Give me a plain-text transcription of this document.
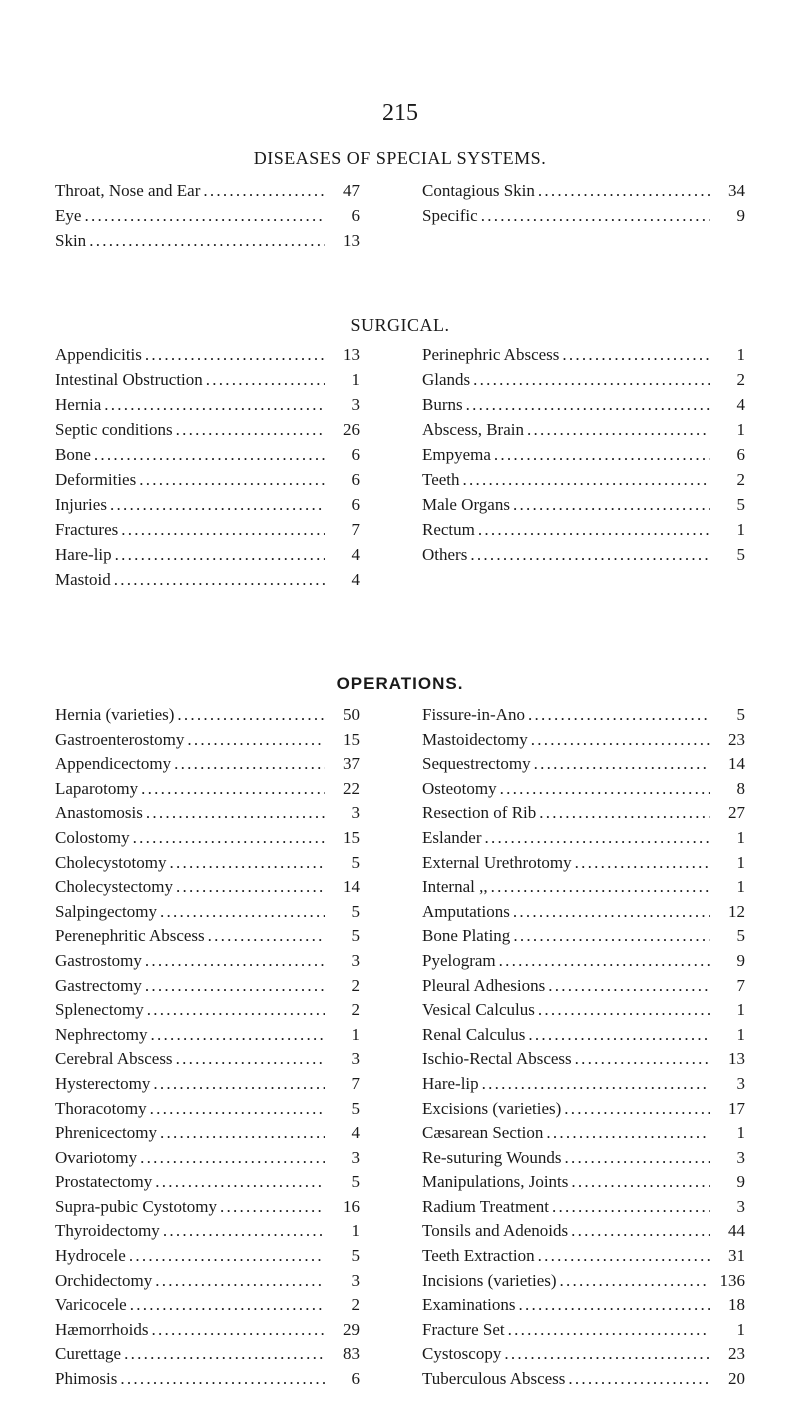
215
DISEASES OF SPECIAL SYSTEMS.
Throat, Nose and Ear . . .	47
Eye . . .	6
Skin . . .	13
Contagious Skin . . .	34
Specific . . .	9
SURGICAL.
Appendicitis . . .	13
Intestinal Obstruction . . .	1
Hernia . . .	3
Septic conditions . . .	26
Bone . . .	6
Deformities . . .	6
Injuries . . .	6
Fractures . . .	7
Hare-lip . . .	4
Mastoid . . .	4
Perinephric Abscess . . .	1
Glands . . .	2
Burns . . .	4
Abscess, Brain . . .	1
Empyema . . .	6
Teeth . . .	2
Male Organs . . .	5
Rectum . . .	1
Others . . .	5
OPERATIONS.
Hernia (varieties) . . .	50
Gastroenterostomy . . .	15
Appendicectomy . . .	37
Laparotomy . . .	22
Anastomosis . . .	3
Colostomy . . .	15
Cholecystotomy . . .	5
Cholecystectomy . . .	14
Salpingectomy . . .	5
Perenephritic Abscess . . .	5
Gastrostomy . . .	3
Gastrectomy . . .	2
Splenectomy . . .	2
Nephrectomy . . .	1
Cerebral Abscess . . .	3
Hysterectomy . . .	7
Thoracotomy . . .	5
Phrenicectomy . . .	4
Ovariotomy . . .	3
Prostatectomy . . .	5
Supra-pubic Cystotomy . . .	16
Thyroidectomy . . .	1
Hydrocele . . .	5
Orchidectomy . . .	3
Varicocele . . .	2
Hæmorrhoids . . .	29
Curettage . . .	83
Phimosis . . .	6
Fissure-in-Ano . . .	5
Mastoidectomy . . .	23
Sequestrectomy . . .	14
Osteotomy . . .	8
Resection of Rib . . .	27
Eslander . . .	1
External Urethrotomy . . .	1
Internal ,, . . .	1
Amputations . . .	12
Bone Plating . . .	5
Pyelogram . . .	9
Pleural Adhesions . . .	7
Vesical Calculus . . .	1
Renal Calculus . . .	1
Ischio-Rectal Abscess . . .	13
Hare-lip . . .	3
Excisions (varieties) . . .	17
Cæsarean Section . . .	1
Re-suturing Wounds . . .	3
Manipulations, Joints . . .	9
Radium Treatment . . .	3
Tonsils and Adenoids . . .	44
Teeth Extraction . . .	31
Incisions (varieties) . . .	136
Examinations . . .	18
Fracture Set . . .	1
Cystoscopy . . .	23
Tuberculous Abscess . . .	20
